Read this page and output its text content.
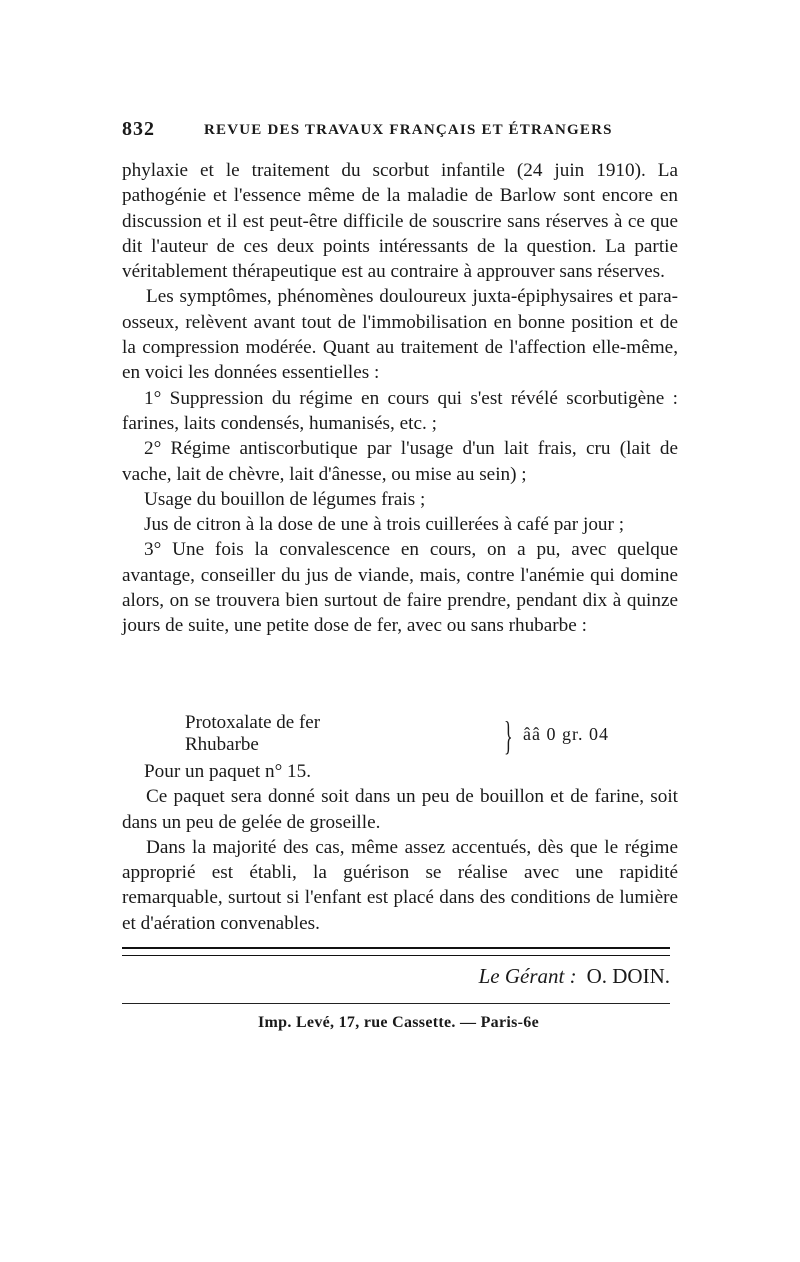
832	REVUE DES TRAVAUX FRANÇAIS ET ÉTRANGERS

phylaxie et le traitement du scorbut infantile (24 juin 1910). La pathogénie et l'essence même de la maladie de Barlow sont encore en discussion et il est peut-être difficile de souscrire sans réserves à ce que dit l'auteur de ces deux points intéressants de la question. La partie véritablement thérapeutique est au contraire à approuver sans réserves.

Les symptômes, phénomènes douloureux juxta-épiphysaires et para-osseux, relèvent avant tout de l'immobilisation en bonne position et de la compression modérée. Quant au traitement de l'affection elle-même, en voici les données essentielles :

1° Suppression du régime en cours qui s'est révélé scorbutigène : farines, laits condensés, humanisés, etc. ;

2° Régime antiscorbutique par l'usage d'un lait frais, cru (lait de vache, lait de chèvre, lait d'ânesse, ou mise au sein) ;

Usage du bouillon de légumes frais ;

Jus de citron à la dose de une à trois cuillerées à café par jour ;

3° Une fois la convalescence en cours, on a pu, avec quelque avantage, conseiller du jus de viande, mais, contre l'anémie qui domine alors, on se trouvera bien surtout de faire prendre, pendant dix à quinze jours de suite, une petite dose de fer, avec ou sans rhubarbe :

Protoxalate de fer .....
Rhubarbe .....	} ââ 0 gr. 04

Pour un paquet n° 15.

Ce paquet sera donné soit dans un peu de bouillon et de farine, soit dans un peu de gelée de groseille.

Dans la majorité des cas, même assez accentués, dès que le régime approprié est établi, la guérison se réalise avec une rapidité remarquable, surtout si l'enfant est placé dans des conditions de lumière et d'aération convenables.

Le Gérant : O. DOIN.
Imp. Levé, 17, rue Cassette. — Paris-6e
